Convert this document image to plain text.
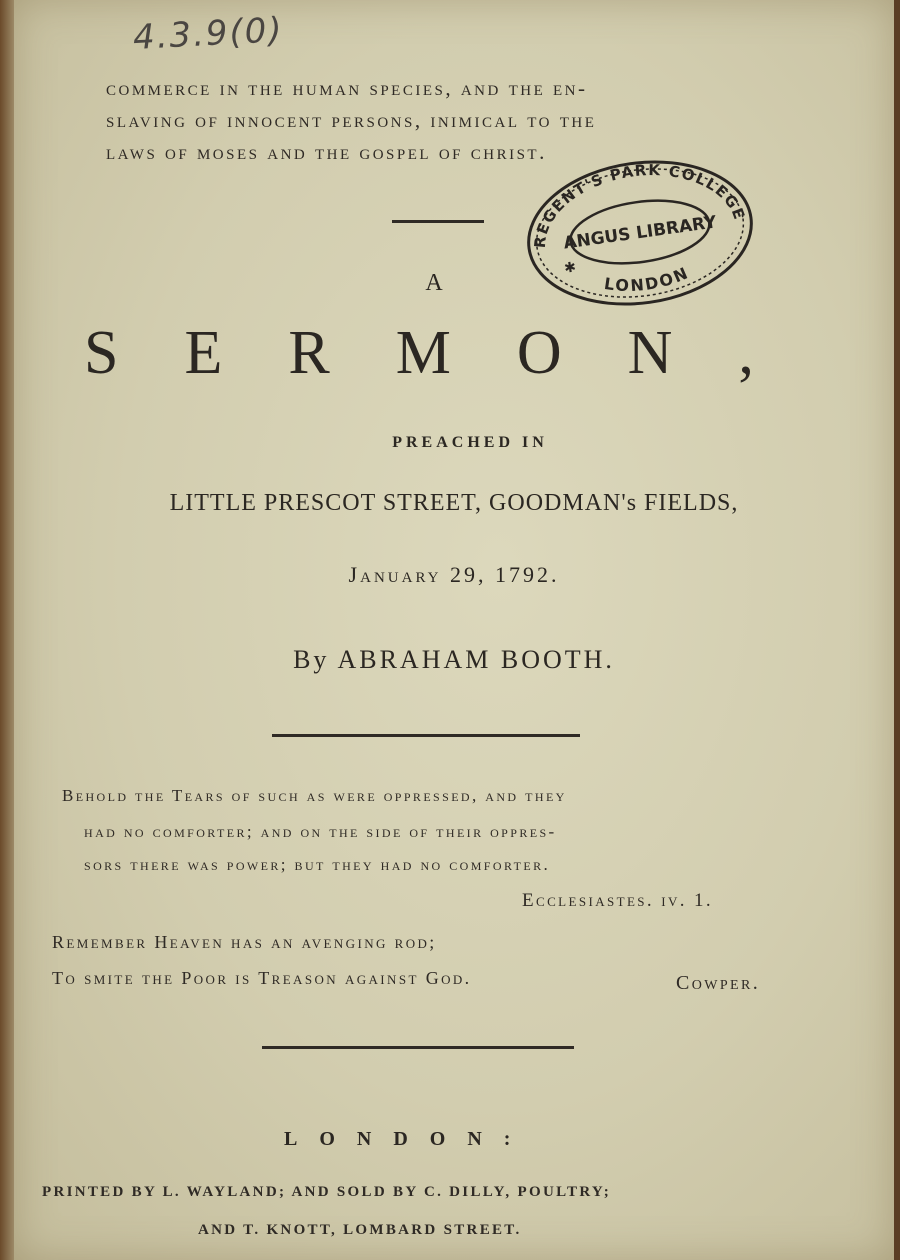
4.3.9(0)
commerce in the human species, and the en-
slaving of innocent persons, inimical to the
laws of moses and the gospel of christ.
REGENT'S PARK COLLEGE
ANGUS LIBRARY
LONDON
✱
A
SERMON,
PREACHED IN
LITTLE PRESCOT STREET, GOODMAN's FIELDS,
January 29, 1792.
By ABRAHAM BOOTH.
Behold the Tears of such as were oppressed, and they
had no comforter; and on the side of their oppres-
sors there was power; but they had no comforter.
Ecclesiastes. iv. 1.
Remember Heaven has an avenging rod;
To smite the Poor is Treason against God.	Cowper.
LONDON:
PRINTED BY L. WAYLAND; AND SOLD BY C. DILLY, POULTRY;
AND T. KNOTT, LOMBARD STREET.
